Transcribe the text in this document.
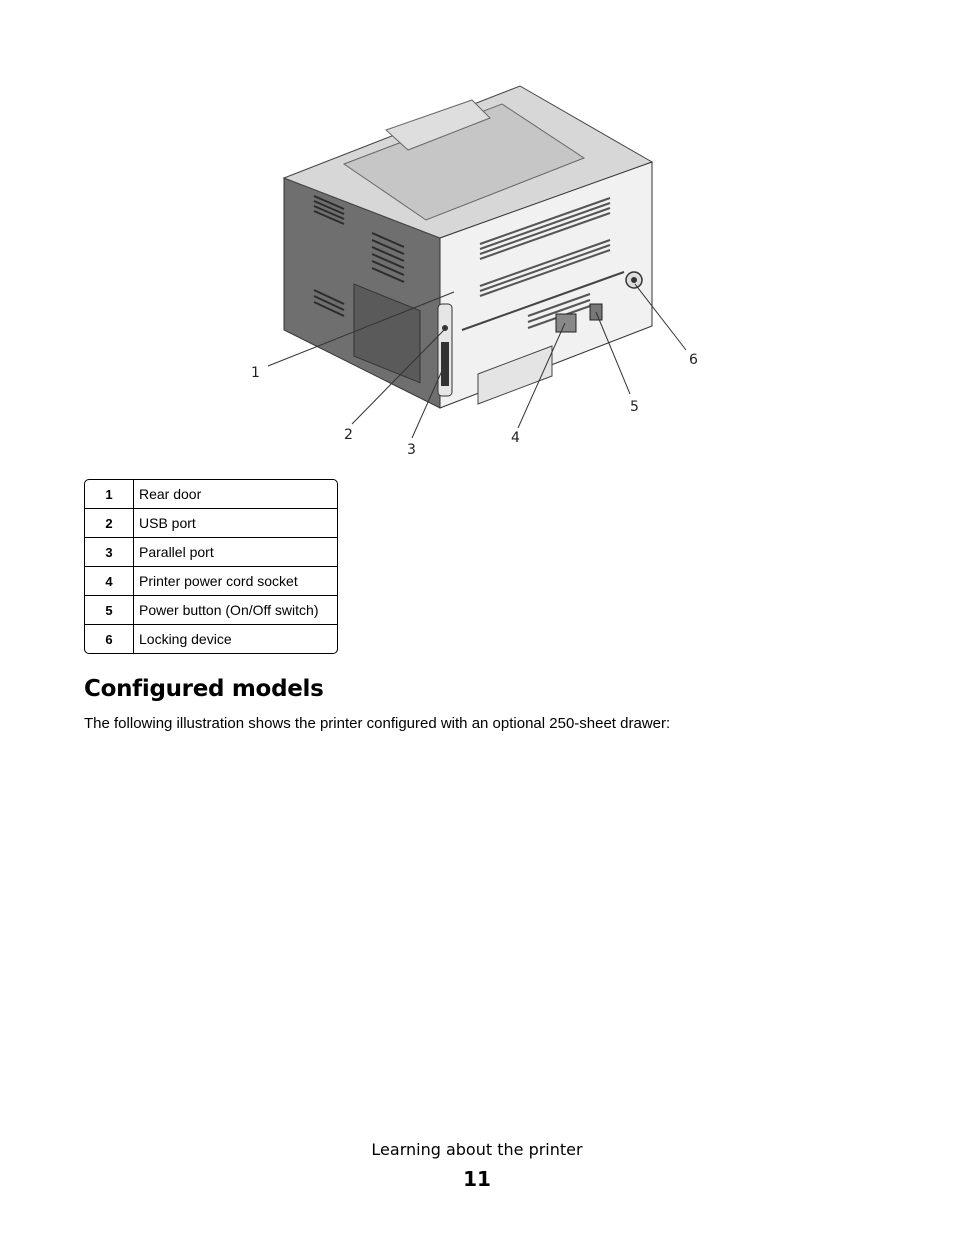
1
2
3
4
5
6
1	Rear door
2	USB port
3	Parallel port
4	Printer power cord socket
5	Power button (On/Off switch)
6	Locking device
Configured models

The following illustration shows the printer configured with an optional 250-sheet drawer:

Learning about the printer
11
